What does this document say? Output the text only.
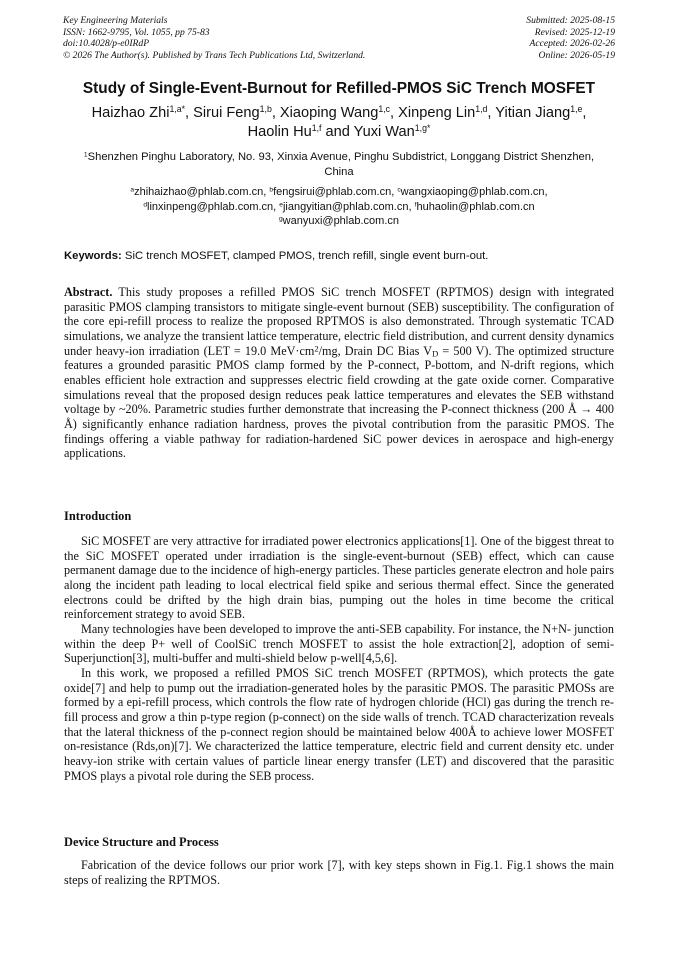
Key Engineering Materials
ISSN: 1662-9795, Vol. 1055, pp 75-83
doi:10.4028/p-e0IRdP
© 2026 The Author(s). Published by Trans Tech Publications Ltd, Switzerland.
Submitted: 2025-08-15
Revised: 2025-12-19
Accepted: 2026-02-26
Online: 2026-05-19
Study of Single-Event-Burnout for Refilled-PMOS SiC Trench MOSFET
Haizhao Zhi$^{1,a*}$, Sirui Feng$^{1,b}$, Xiaoping Wang$^{1,c}$, Xinpeng Lin$^{1,d}$, Yitian Jiang$^{1,e}$,
Haolin Hu$^{1,f}$ and Yuxi Wan$^{1,g*}$
$^1$Shenzhen Pinghu Laboratory, No. 93, Xinxia Avenue, Pinghu Subdistrict, Longgang District Shenzhen, China
$^a$zhihaizhao@phlab.com.cn, $^b$fengsirui@phlab.com.cn, $^c$wangxiaoping@phlab.com.cn,
$^d$linxinpeng@phlab.com.cn, $^e$jiangyitian@phlab.com.cn, $^f$huhaolin@phlab.com.cn
$^g$wanyuxi@phlab.com.cn
Keywords: SiC trench MOSFET, clamped PMOS, trench refill, single event burn-out.
Abstract. This study proposes a refilled PMOS SiC trench MOSFET (RPTMOS) design with integrated parasitic PMOS clamping transistors to mitigate single-event burnout (SEB) susceptibility. The configuration of the core epi-refill process to realize the proposed RPTMOS is also demonstrated. Through systematic TCAD simulations, we analyze the transient lattice temperature, electric field distribution, and current density dynamics under heavy-ion irradiation (LET = 19.0 $MeV\cdot cm^2/mg$, Drain DC Bias $V_D = 500$ V). The optimized structure features a grounded parasitic PMOS clamp formed by the P-connect, P-bottom, and N-drift regions, which enables efficient hole extraction and suppresses electric field crowding at the gate oxide corner. Comparative simulations reveal that the proposed design reduces peak lattice temperatures and elevates the SEB withstand voltage by ~20%. Parametric studies further demonstrate that increasing the P-connect thickness (200 Å → 400 Å) significantly enhance radiation hardness, proves the pivotal contribution from the parasitic PMOS. The findings offering a viable pathway for radiation-hardened SiC power devices in aerospace and high-energy applications.
Introduction

SiC MOSFET are very attractive for irradiated power electronics applications[1]. One of the biggest threat to the SiC MOSFET operated under irradiation is the single-event-burnout (SEB) effect, which can cause permanent damage due to the incidence of high-energy particles. These particles generate electron and hole pairs along the incident path leading to local electrical field spike and serious thermal effect. Since the generated electrons could be drifted by the high drain bias, pumping out the holes in time become the critical reinforcement strategy to avoid SEB.

Many technologies have been developed to improve the anti-SEB capability. For instance, the N+N- junction within the deep P+ well of CoolSiC trench MOSFET to assist the hole extraction[2], adoption of semi-Superjunction[3], multi-buffer and multi-shield below p-well[4,5,6].

In this work, we proposed a refilled PMOS SiC trench MOSFET (RPTMOS), which protects the gate oxide[7] and help to pump out the irradiation-generated holes by the parasitic PMOS. The parasitic PMOSs are formed by a epi-refill process, which controls the flow rate of hydrogen chloride (HCl) gas during the trench re-fill process and grow a thin p-type region (p-connect) on the side walls of trench. TCAD characterization reveals that the lateral thickness of the p-connect region should be maintained below 400Å to achieve lower MOSFET on-resistance (Rds,on)[7]. We characterized the lattice temperature, electric field and current density etc. under heavy-ion strike with certain values of particle linear energy transfer (LET) and discovered that the parasitic PMOS plays a pivotal role during the SEB process.

Device Structure and Process

Fabrication of the device follows our prior work [7], with key steps shown in Fig.1. Fig.1 shows the main steps of realizing the RPTMOS.
